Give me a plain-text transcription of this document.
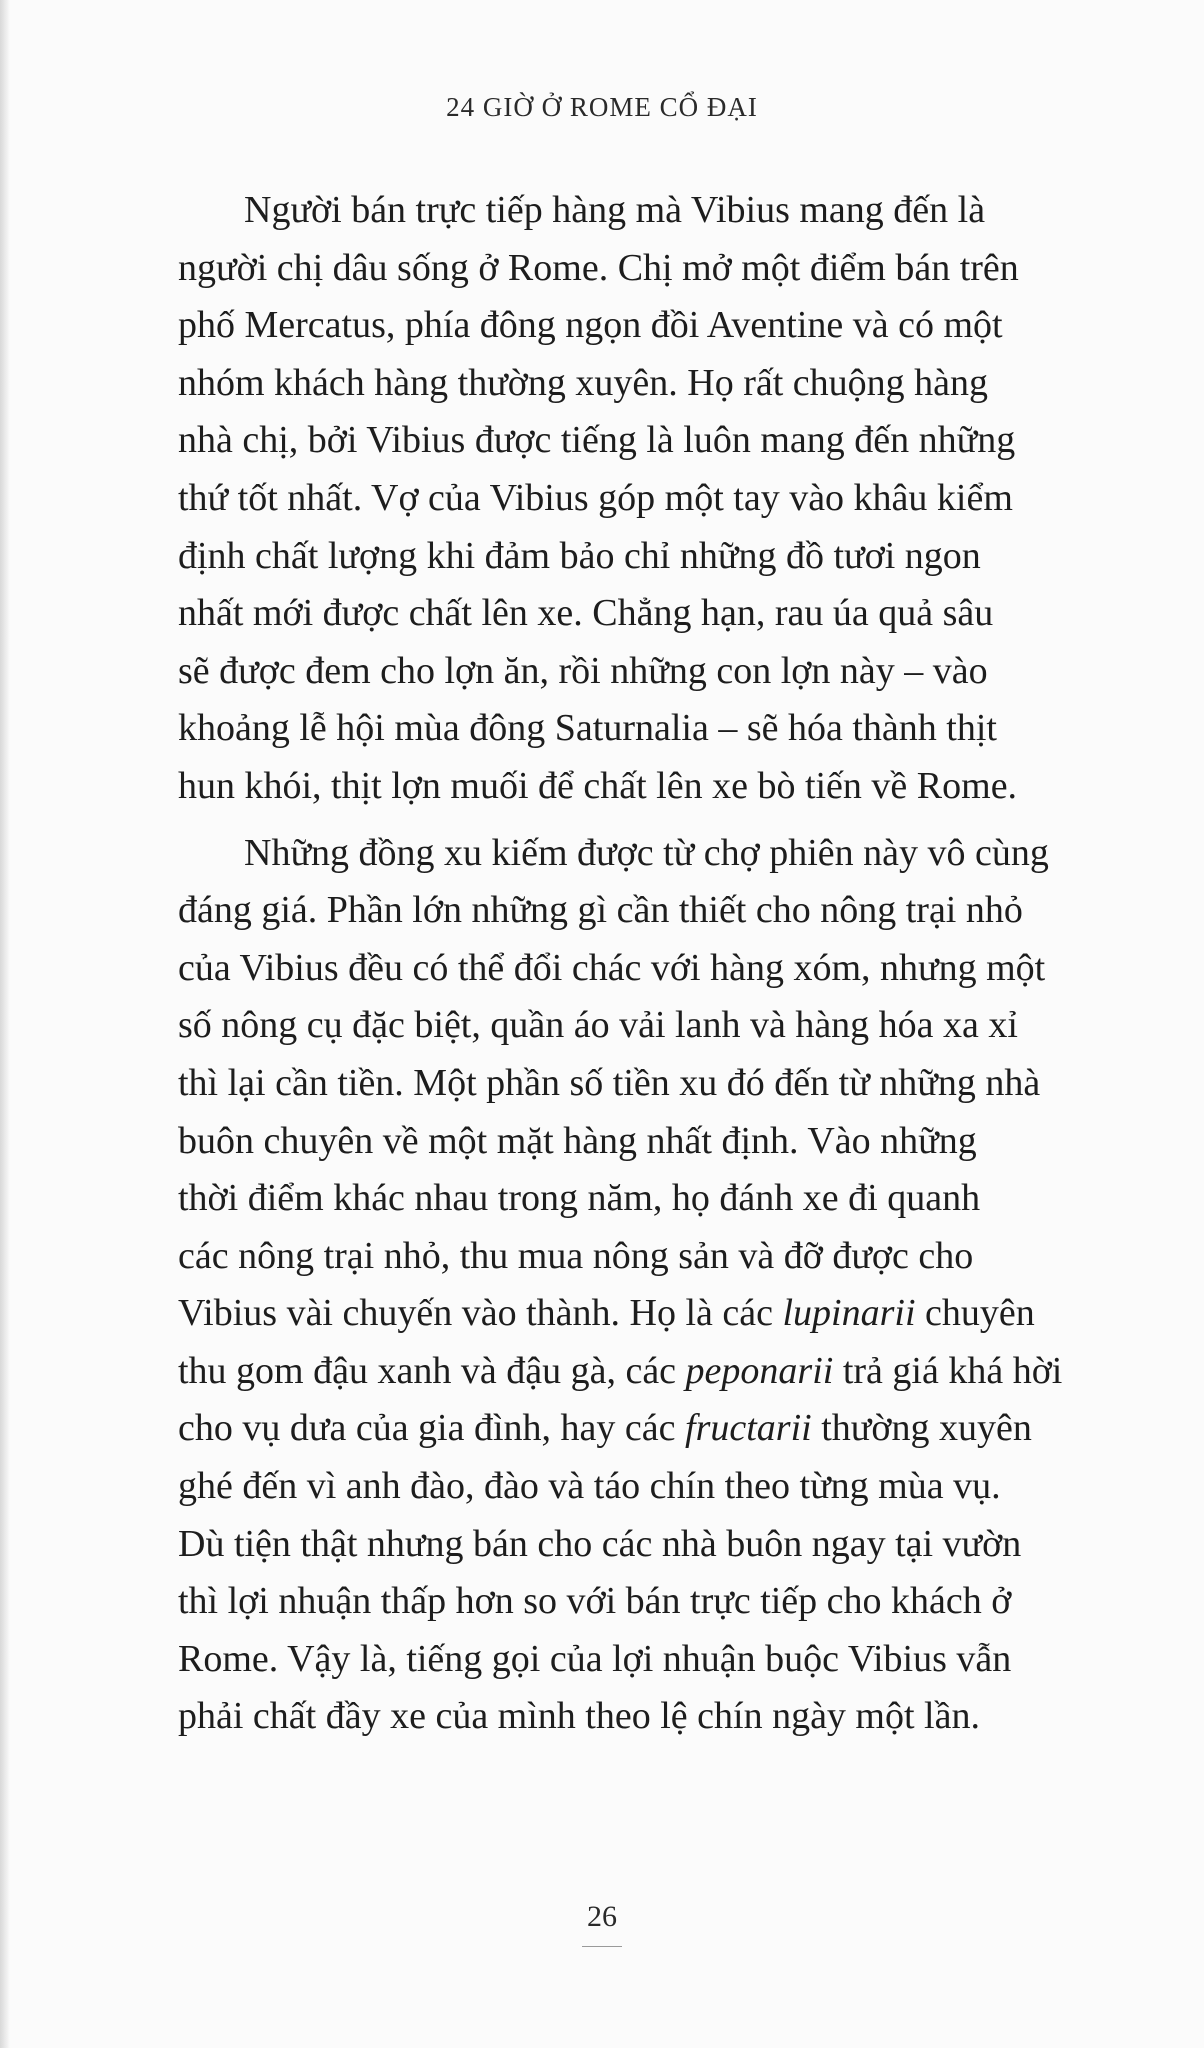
24 GIỜ Ở ROME CỔ ĐẠI

Người bán trực tiếp hàng mà Vibius mang đến là
người chị dâu sống ở Rome. Chị mở một điểm bán trên
phố Mercatus, phía đông ngọn đồi Aventine và có một
nhóm khách hàng thường xuyên. Họ rất chuộng hàng
nhà chị, bởi Vibius được tiếng là luôn mang đến những
thứ tốt nhất. Vợ của Vibius góp một tay vào khâu kiểm
định chất lượng khi đảm bảo chỉ những đồ tươi ngon
nhất mới được chất lên xe. Chẳng hạn, rau úa quả sâu
sẽ được đem cho lợn ăn, rồi những con lợn này – vào
khoảng lễ hội mùa đông Saturnalia – sẽ hóa thành thịt
hun khói, thịt lợn muối để chất lên xe bò tiến về Rome.

Những đồng xu kiếm được từ chợ phiên này vô cùng
đáng giá. Phần lớn những gì cần thiết cho nông trại nhỏ
của Vibius đều có thể đổi chác với hàng xóm, nhưng một
số nông cụ đặc biệt, quần áo vải lanh và hàng hóa xa xỉ
thì lại cần tiền. Một phần số tiền xu đó đến từ những nhà
buôn chuyên về một mặt hàng nhất định. Vào những
thời điểm khác nhau trong năm, họ đánh xe đi quanh
các nông trại nhỏ, thu mua nông sản và đỡ được cho
Vibius vài chuyến vào thành. Họ là các lupinarii chuyên
thu gom đậu xanh và đậu gà, các peponarii trả giá khá hời
cho vụ dưa của gia đình, hay các fructarii thường xuyên
ghé đến vì anh đào, đào và táo chín theo từng mùa vụ.
Dù tiện thật nhưng bán cho các nhà buôn ngay tại vườn
thì lợi nhuận thấp hơn so với bán trực tiếp cho khách ở
Rome. Vậy là, tiếng gọi của lợi nhuận buộc Vibius vẫn
phải chất đầy xe của mình theo lệ chín ngày một lần.

26
